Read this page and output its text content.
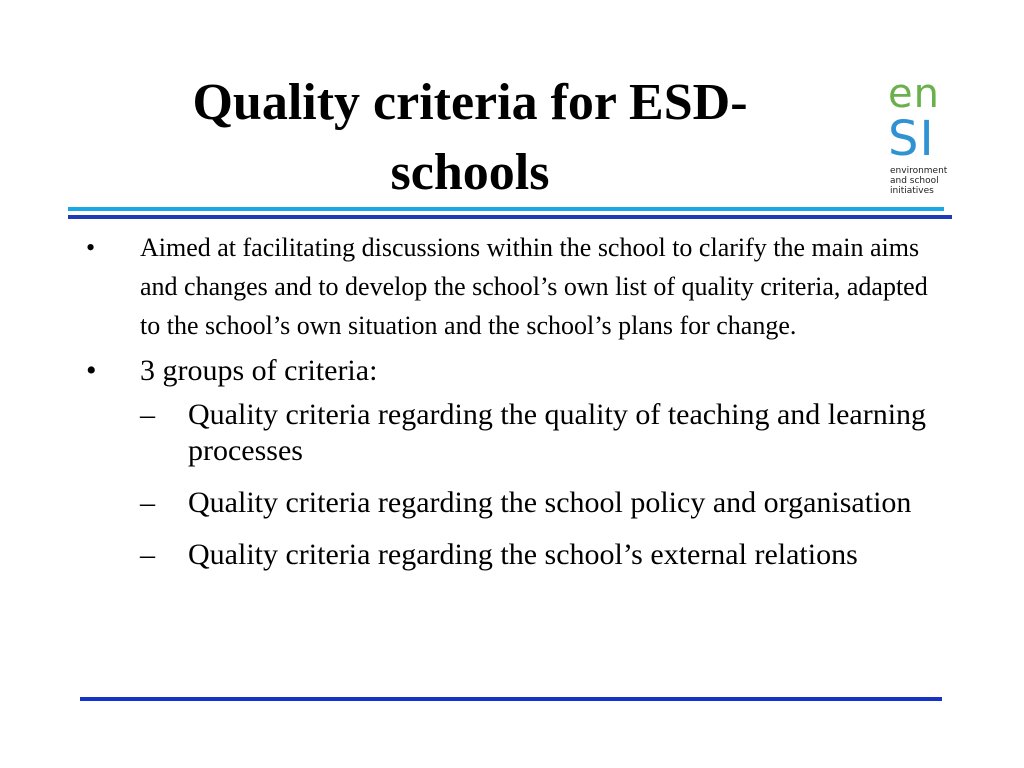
Quality criteria for ESD-
schools
en
SI
environment
and school
initiatives
• Aimed at facilitating discussions within the school to clarify the main aims and changes and to develop the school’s own list of quality criteria, adapted to the school’s own situation and the school’s plans for change.
• 3 groups of criteria:
– Quality criteria regarding the quality of teaching and learning processes
– Quality criteria regarding the school policy and organisation
– Quality criteria regarding the school’s external relations
